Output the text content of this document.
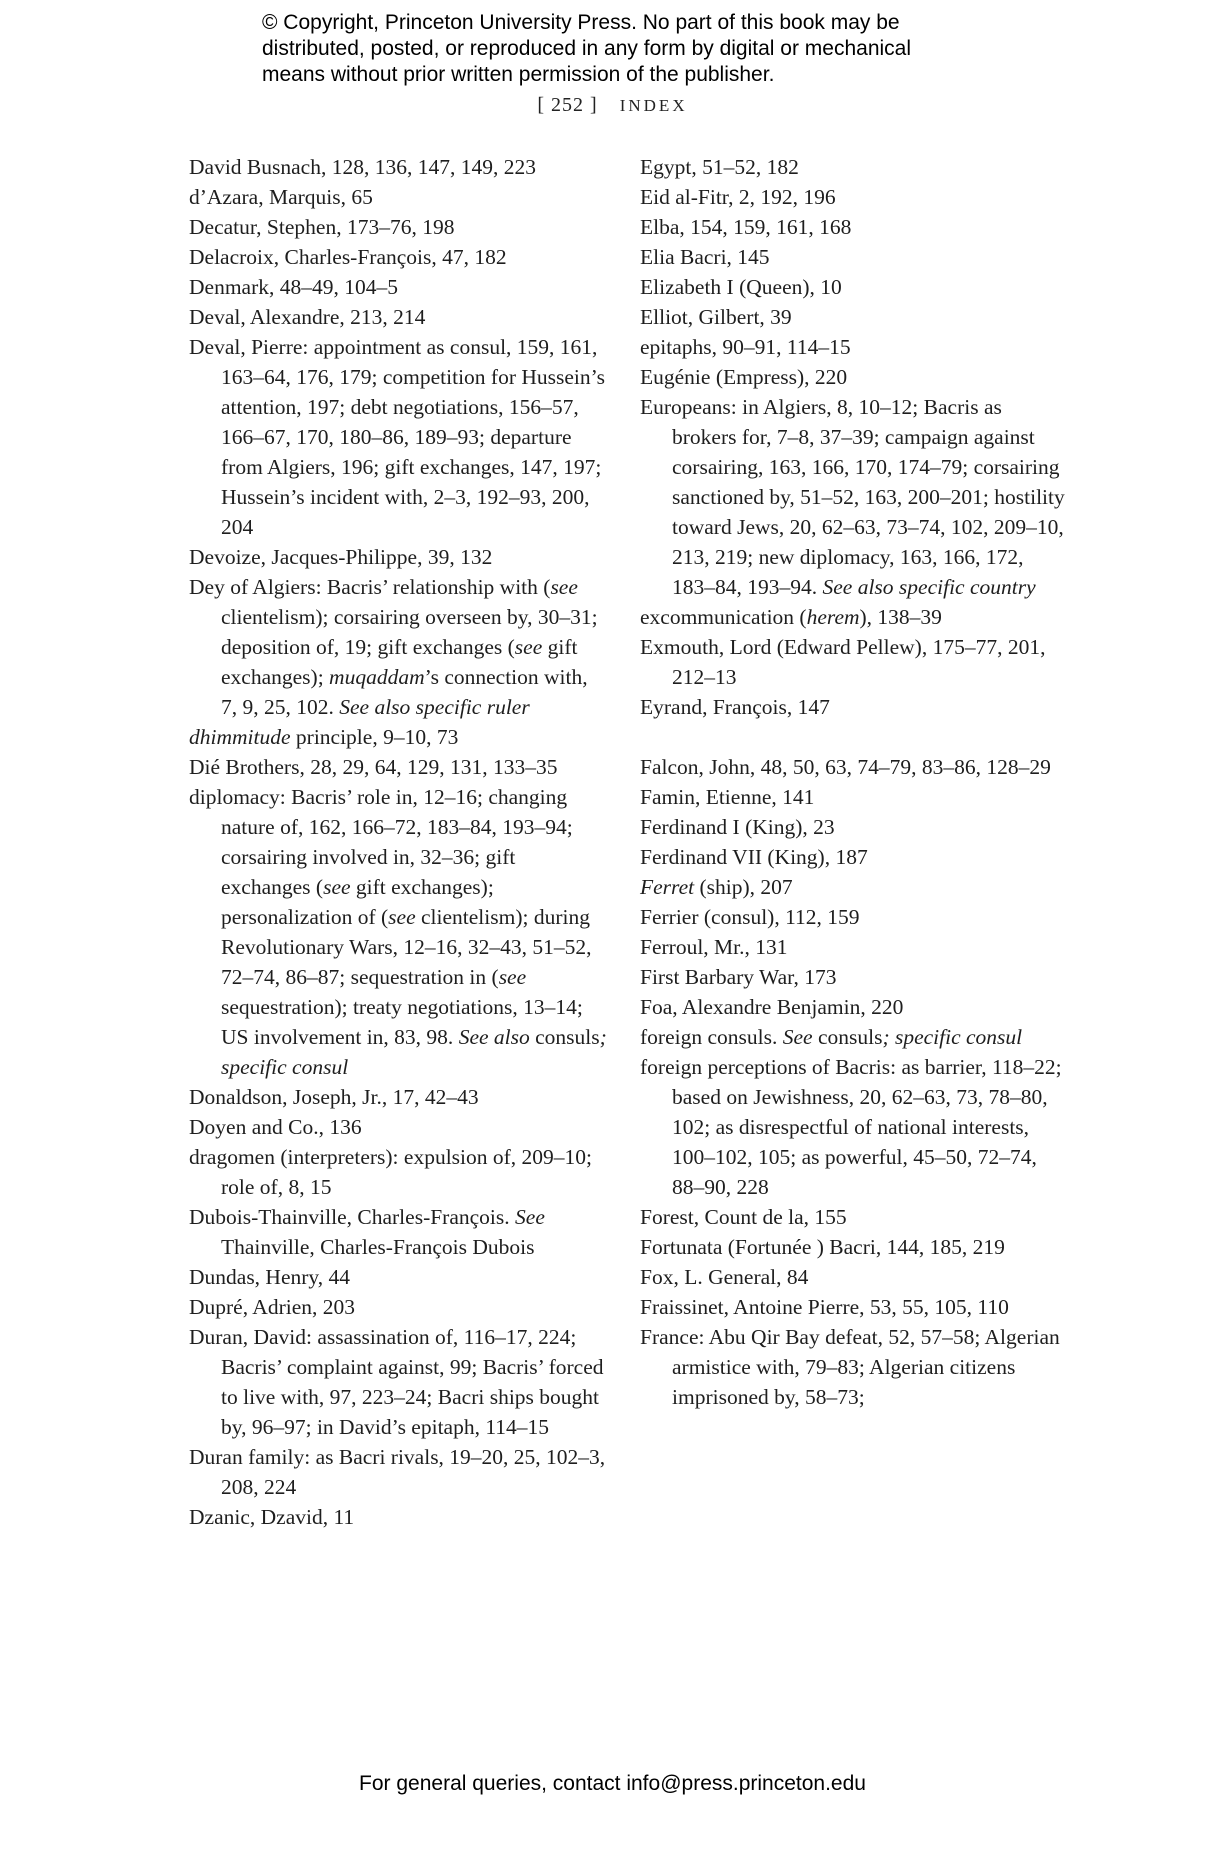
© Copyright, Princeton University Press. No part of this book may be

distributed, posted, or reproduced in any form by digital or mechanical

means without prior written permission of the publisher.

[ 252 ] INDEX
David Busnach, 128, 136, 147, 149, 223
d’Azara, Marquis, 65
Decatur, Stephen, 173–76, 198
Delacroix, Charles-François, 47, 182
Denmark, 48–49, 104–5
Deval, Alexandre, 213, 214
Deval, Pierre: appointment as consul, 159, 161, 163–64, 176, 179; competition for Hussein’s attention, 197; debt negotiations, 156–57, 166–67, 170, 180–86, 189–93; departure from Algiers, 196; gift exchanges, 147, 197; Hussein’s incident with, 2–3, 192–93, 200, 204
Devoize, Jacques-Philippe, 39, 132
Dey of Algiers: Bacris’ relationship with (see clientelism); corsairing overseen by, 30–31; deposition of, 19; gift exchanges (see gift exchanges); muqaddam’s connection with, 7, 9, 25, 102. See also specific ruler
dhimmitude principle, 9–10, 73
Dié Brothers, 28, 29, 64, 129, 131, 133–35
diplomacy: Bacris’ role in, 12–16; changing nature of, 162, 166–72, 183–84, 193–94; corsairing involved in, 32–36; gift exchanges (see gift exchanges); personalization of (see clientelism); during Revolutionary Wars, 12–16, 32–43, 51–52, 72–74, 86–87; sequestration in (see sequestration); treaty negotiations, 13–14; US involvement in, 83, 98. See also consuls; specific consul
Donaldson, Joseph, Jr., 17, 42–43
Doyen and Co., 136
dragomen (interpreters): expulsion of, 209–10; role of, 8, 15
Dubois-Thainville, Charles-François. See Thainville, Charles-François Dubois
Dundas, Henry, 44
Dupré, Adrien, 203
Duran, David: assassination of, 116–17, 224; Bacris’ complaint against, 99; Bacris’ forced to live with, 97, 223–24; Bacri ships bought by, 96–97; in David’s epitaph, 114–15
Duran family: as Bacri rivals, 19–20, 25, 102–3, 208, 224
Dzanic, Dzavid, 11
Egypt, 51–52, 182
Eid al-Fitr, 2, 192, 196
Elba, 154, 159, 161, 168
Elia Bacri, 145
Elizabeth I (Queen), 10
Elliot, Gilbert, 39
epitaphs, 90–91, 114–15
Eugénie (Empress), 220
Europeans: in Algiers, 8, 10–12; Bacris as brokers for, 7–8, 37–39; campaign against corsairing, 163, 166, 170, 174–79; corsairing sanctioned by, 51–52, 163, 200–201; hostility toward Jews, 20, 62–63, 73–74, 102, 209–10, 213, 219; new diplomacy, 163, 166, 172, 183–84, 193–94. See also specific country
excommunication (herem), 138–39
Exmouth, Lord (Edward Pellew), 175–77, 201, 212–13
Eyrand, François, 147
Falcon, John, 48, 50, 63, 74–79, 83–86, 128–29
Famin, Etienne, 141
Ferdinand I (King), 23
Ferdinand VII (King), 187
Ferret (ship), 207
Ferrier (consul), 112, 159
Ferroul, Mr., 131
First Barbary War, 173
Foa, Alexandre Benjamin, 220
foreign consuls. See consuls; specific consul
foreign perceptions of Bacris: as barrier, 118–22; based on Jewishness, 20, 62–63, 73, 78–80, 102; as disrespectful of national interests, 100–102, 105; as powerful, 45–50, 72–74, 88–90, 228
Forest, Count de la, 155
Fortunata (Fortunée ) Bacri, 144, 185, 219
Fox, L. General, 84
Fraissinet, Antoine Pierre, 53, 55, 105, 110
France: Abu Qir Bay defeat, 52, 57–58; Algerian armistice with, 79–83; Algerian citizens imprisoned by, 58–73;
For general queries, contact info@press.princeton.edu
